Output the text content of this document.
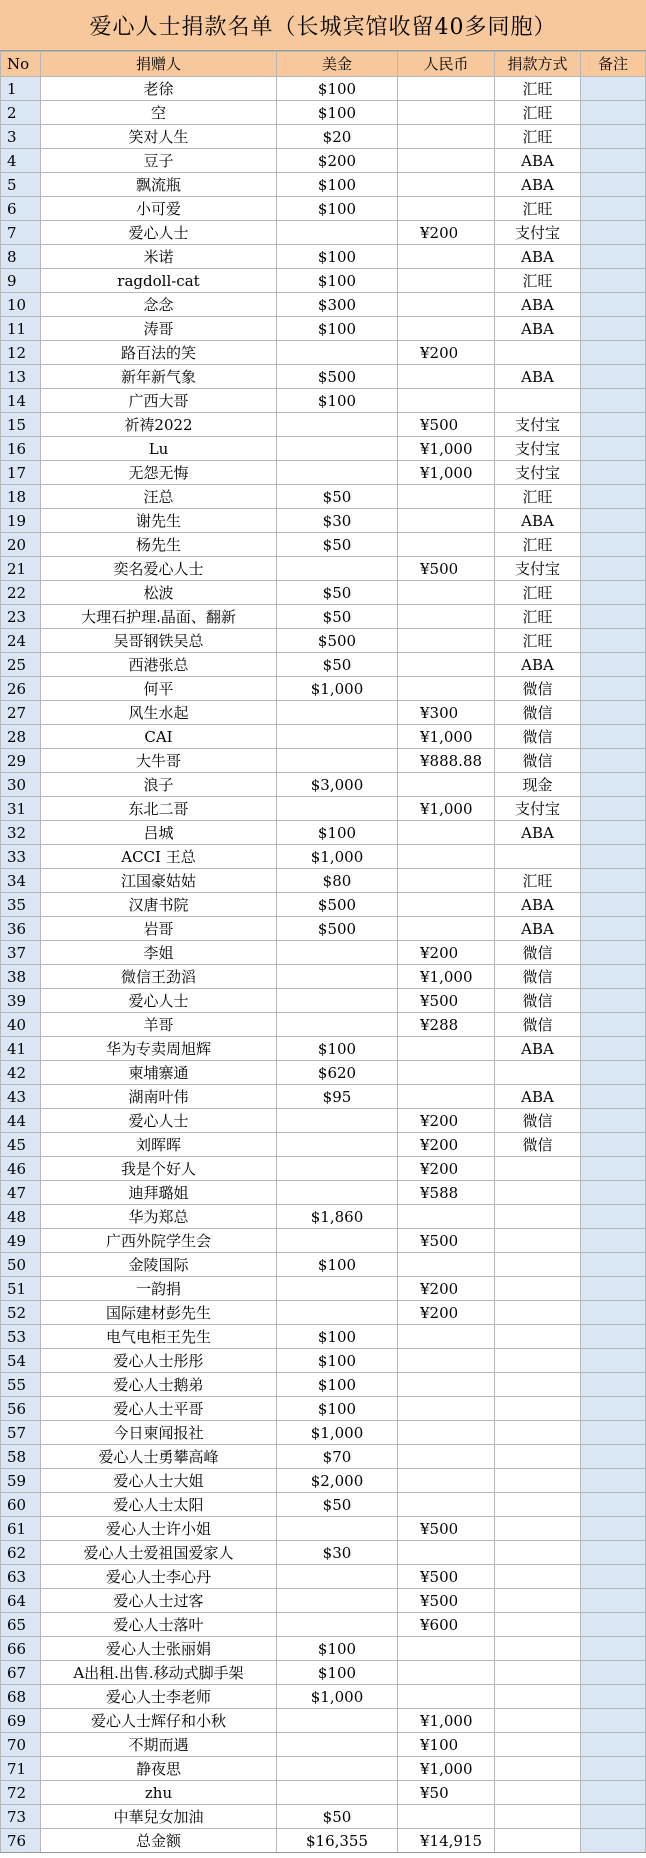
爱心人士捐款名单（长城宾馆收留40多同胞）
No	捐赠人	美金	人民币	捐款方式	备注
1	老徐	$100		汇旺	
2	空	$100		汇旺	
3	笑对人生	$20		汇旺	
4	豆子	$200		ABA	
5	飘流瓶	$100		ABA	
6	小可爱	$100		汇旺	
7	爱心人士		¥200	支付宝	
8	米诺	$100		ABA	
9	ragdoll-cat	$100		汇旺	
10	念念	$300		ABA	
11	涛哥	$100		ABA	
12	路百法的笑		¥200		
13	新年新气象	$500		ABA	
14	广西大哥	$100			
15	祈祷2022		¥500	支付宝	
16	Lu		¥1,000	支付宝	
17	无怨无悔		¥1,000	支付宝	
18	汪总	$50		汇旺	
19	谢先生	$30		ABA	
20	杨先生	$50		汇旺	
21	奕名爱心人士		¥500	支付宝	
22	松波	$50		汇旺	
23	大理石护理.晶面、翻新	$50		汇旺	
24	吴哥钢铁吴总	$500		汇旺	
25	西港张总	$50		ABA	
26	何平	$1,000		微信	
27	风生水起		¥300	微信	
28	CAI		¥1,000	微信	
29	大牛哥		¥888.88	微信	
30	浪子	$3,000		现金	
31	东北二哥		¥1,000	支付宝	
32	吕城	$100		ABA	
33	ACCI 王总	$1,000			
34	江国豪姑姑	$80		汇旺	
35	汉唐书院	$500		ABA	
36	岩哥	$500		ABA	
37	李姐		¥200	微信	
38	微信王劲滔		¥1,000	微信	
39	爱心人士		¥500	微信	
40	羊哥		¥288	微信	
41	华为专卖周旭辉	$100		ABA	
42	柬埔寨通	$620			
43	湖南叶伟	$95		ABA	
44	爱心人士		¥200	微信	
45	刘晖晖		¥200	微信	
46	我是个好人		¥200		
47	迪拜璐姐		¥588		
48	华为郑总	$1,860			
49	广西外院学生会		¥500		
50	金陵国际	$100			
51	一韵捐		¥200		
52	国际建材彭先生		¥200		
53	电气电柜王先生	$100			
54	爱心人士彤彤	$100			
55	爱心人士鹅弟	$100			
56	爱心人士平哥	$100			
57	今日柬闻报社	$1,000			
58	爱心人士勇攀高峰	$70			
59	爱心人士大姐	$2,000			
60	爱心人士太阳	$50			
61	爱心人士许小姐		¥500		
62	爱心人士爱祖国爱家人	$30			
63	爱心人士李心丹		¥500		
64	爱心人士过客		¥500		
65	爱心人士落叶		¥600		
66	爱心人士张丽娟	$100			
67	A出租.出售.移动式脚手架	$100			
68	爱心人士李老师	$1,000			
69	爱心人士辉仔和小秋		¥1,000		
70	不期而遇		¥100		
71	静夜思		¥1,000		
72	zhu		¥50		
73	中華兒女加油	$50			
76	总金额	$16,355	¥14,915		
